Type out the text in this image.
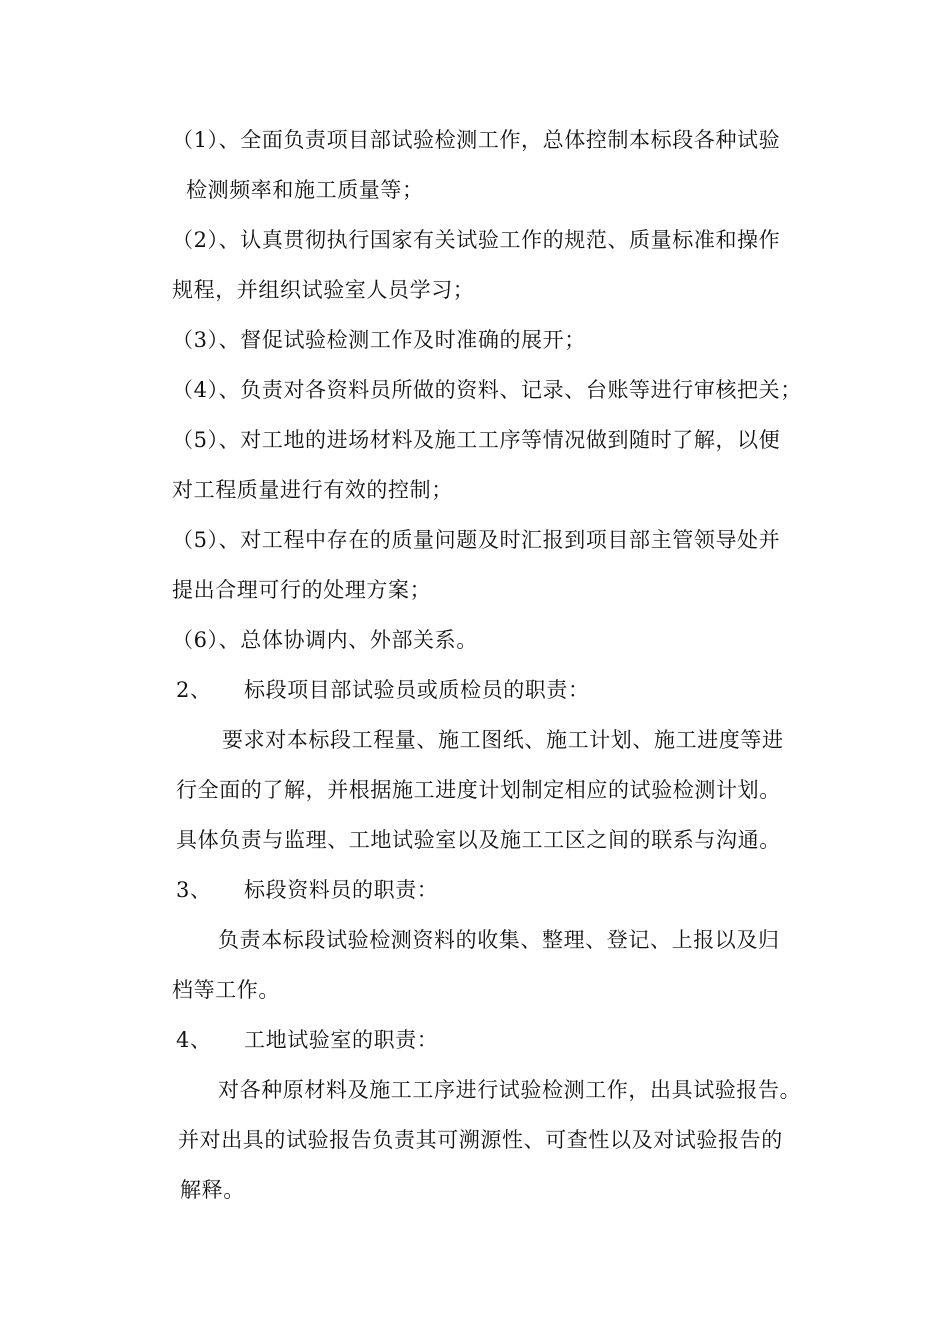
（1）、全面负责项目部试验检测工作，总体控制本标段各种试验
检测频率和施工质量等；
（2）、认真贯彻执行国家有关试验工作的规范、质量标准和操作
规程，并组织试验室人员学习；
（3）、督促试验检测工作及时准确的展开；
（4）、负责对各资料员所做的资料、记录、台账等进行审核把关；
（5）、对工地的进场材料及施工工序等情况做到随时了解，以便
对工程质量进行有效的控制；
（5）、对工程中存在的质量问题及时汇报到项目部主管领导处并
提出合理可行的处理方案；
（6）、总体协调内、外部关系。
2、 标段项目部试验员或质检员的职责：
要求对本标段工程量、施工图纸、施工计划、施工进度等进
行全面的了解，并根据施工进度计划制定相应的试验检测计划。
具体负责与监理、工地试验室以及施工工区之间的联系与沟通。
3、 标段资料员的职责：
负责本标段试验检测资料的收集、整理、登记、上报以及归
档等工作。
4、 工地试验室的职责：
对各种原材料及施工工序进行试验检测工作，出具试验报告。
并对出具的试验报告负责其可溯源性、可查性以及对试验报告的
解释。
